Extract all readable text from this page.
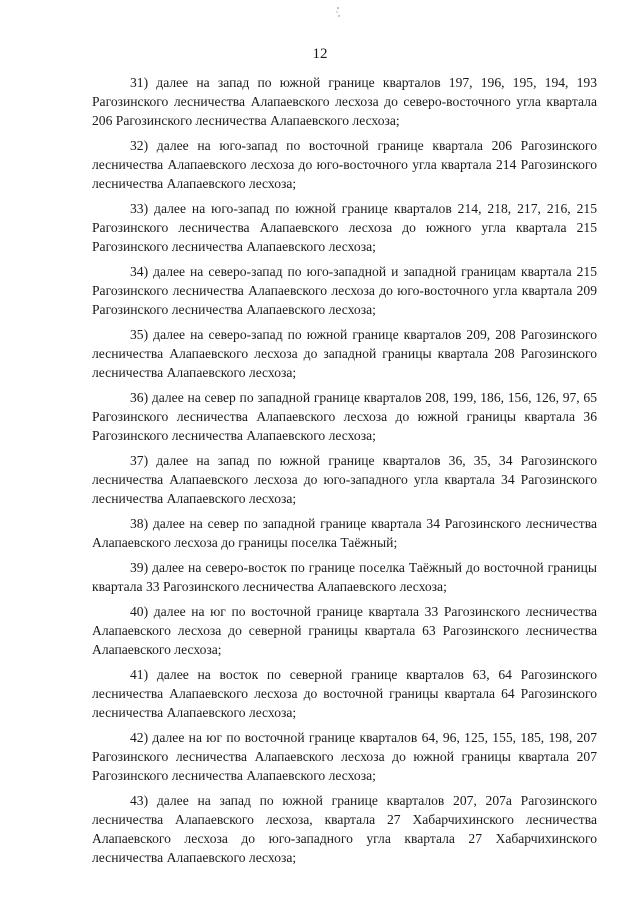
12

31) далее на запад по южной границе кварталов 197, 196, 195, 194, 193 Рагозинского лесничества Алапаевского лесхоза до северо-восточного угла квартала 206 Рагозинского лесничества Алапаевского лесхоза;

32) далее на юго-запад по восточной границе квартала 206 Рагозинского лесничества Алапаевского лесхоза до юго-восточного угла квартала 214 Рагозинского лесничества Алапаевского лесхоза;

33) далее на юго-запад по южной границе кварталов 214, 218, 217, 216, 215 Рагозинского лесничества Алапаевского лесхоза до южного угла квартала 215 Рагозинского лесничества Алапаевского лесхоза;

34) далее на северо-запад по юго-западной и западной границам квартала 215 Рагозинского лесничества Алапаевского лесхоза до юго-восточного угла квартала 209 Рагозинского лесничества Алапаевского лесхоза;

35) далее на северо-запад по южной границе кварталов 209, 208 Рагозинского лесничества Алапаевского лесхоза до западной границы квартала 208 Рагозинского лесничества Алапаевского лесхоза;

36) далее на север по западной границе кварталов 208, 199, 186, 156, 126, 97, 65 Рагозинского лесничества Алапаевского лесхоза до южной границы квартала 36 Рагозинского лесничества Алапаевского лесхоза;

37) далее на запад по южной границе кварталов 36, 35, 34 Рагозинского лесничества Алапаевского лесхоза до юго-западного угла квартала 34 Рагозинского лесничества Алапаевского лесхоза;

38) далее на север по западной границе квартала 34 Рагозинского лесничества Алапаевского лесхоза до границы поселка Таёжный;

39) далее на северо-восток по границе поселка Таёжный до восточной границы квартала 33 Рагозинского лесничества Алапаевского лесхоза;

40) далее на юг по восточной границе квартала 33 Рагозинского лесничества Алапаевского лесхоза до северной границы квартала 63 Рагозинского лесничества Алапаевского лесхоза;

41) далее на восток по северной границе кварталов 63, 64 Рагозинского лесничества Алапаевского лесхоза до восточной границы квартала 64 Рагозинского лесничества Алапаевского лесхоза;

42) далее на юг по восточной границе кварталов 64, 96, 125, 155, 185, 198, 207 Рагозинского лесничества Алапаевского лесхоза до южной границы квартала 207 Рагозинского лесничества Алапаевского лесхоза;

43) далее на запад по южной границе кварталов 207, 207а Рагозинского лесничества Алапаевского лесхоза, квартала 27 Хабарчихинского лесничества Алапаевского лесхоза до юго-западного угла квартала 27 Хабарчихинского лесничества Алапаевского лесхоза;
